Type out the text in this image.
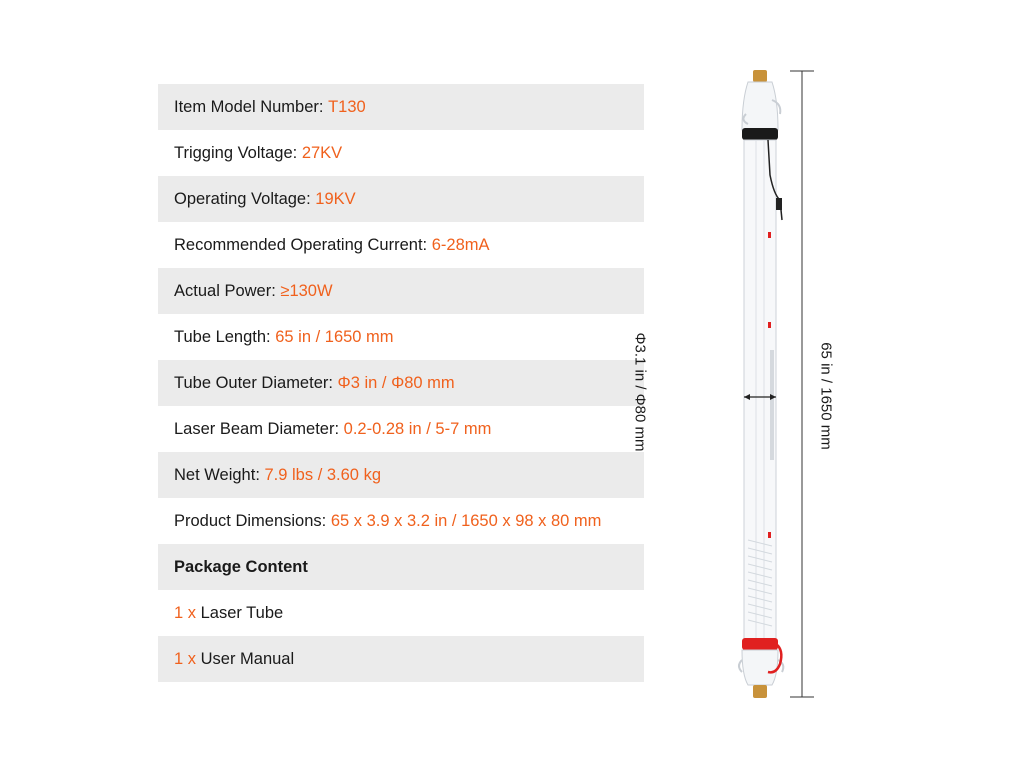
Item Model Number:
T130
Trigging Voltage:
27KV
Operating Voltage:
19KV
Recommended Operating Current:
6-28mA
Actual Power:
≥130W
Tube Length:
65 in / 1650 mm
Tube Outer Diameter:
Φ3 in / Φ80 mm
Laser Beam Diameter:
0.2-0.28 in / 5-7 mm
Net Weight:
7.9 lbs / 3.60 kg
Product Dimensions:
65 x 3.9 x 3.2 in / 1650 x 98 x 80 mm
Package Content
1 x
Laser Tube
1 x
User Manual
Φ3.1 in / Φ80 mm	65 in / 1650 mm
